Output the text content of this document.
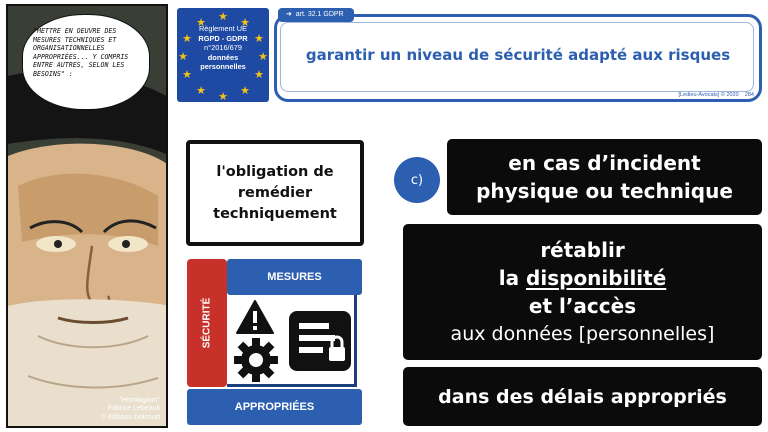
"METTRE EN OEUVRE DES MESURES TECHNIQUES ET ORGANISATIONNELLES APPROPRIÉES... Y COMPRIS ENTRE AUTRES, SELON LES BESOINS" :
"Horologiom"
Fabrice Lebeault
© éditions Delcourt
★ ★
★
★
★
★
★
★
★
★
★
★
Règlement UE
RGPD - GDPR
n°2016/679
données
personnelles
➜  art. 32.1 GDPR
garantir un niveau de sécurité adapté aux risques
[Ledieu-Avocats] © 2020 284
l'obligation de
remédier
techniquement
SÉCURITÉ
MESURES
APPROPRIÉES
c)
en cas d’incident
physique ou technique
rétablir
la disponibilité
et l’accès
aux données [personnelles]
dans des délais appropriés
